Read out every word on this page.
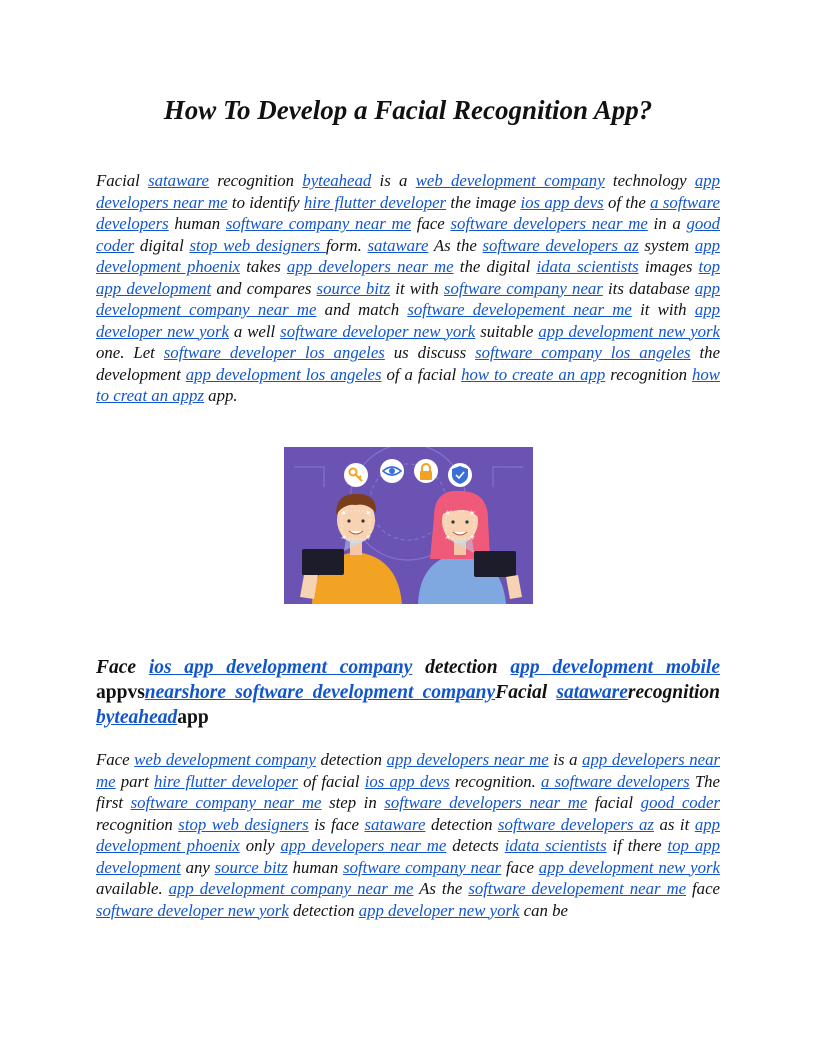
How To Develop a Facial Recognition App?

Facial sataware recognition byteahead is a web development company technology app developers near me to identify hire flutter developer the image ios app devs of the a software developers human software company near me face software developers near me in a good coder digital stop web designers form. sataware As the software developers az system app development phoenix takes app developers near me the digital idata scientists images top app development and compares source bitz it with software company near its database app development company near me and match software developement near me it with app developer new york a well software developer new york suitable app development new york one. Let software developer los angeles us discuss software company los angeles the development app development los angeles of a facial how to create an app recognition how to creat an appz app.

Face ios app development company detection app development mobile appvsnearshore software development companyFacial satawarerecognition byteaheadapp

Face web development company detection app developers near me is a app developers near me part hire flutter developer of facial ios app devs recognition. a software developers The first software company near me step in software developers near me facial good coder recognition stop web designers is face sataware detection software developers az as it app development phoenix only app developers near me detects idata scientists if there top app development any source bitz human software company near face app development new york available. app development company near me As the software developement near me face software developer new york detection app developer new york can be
